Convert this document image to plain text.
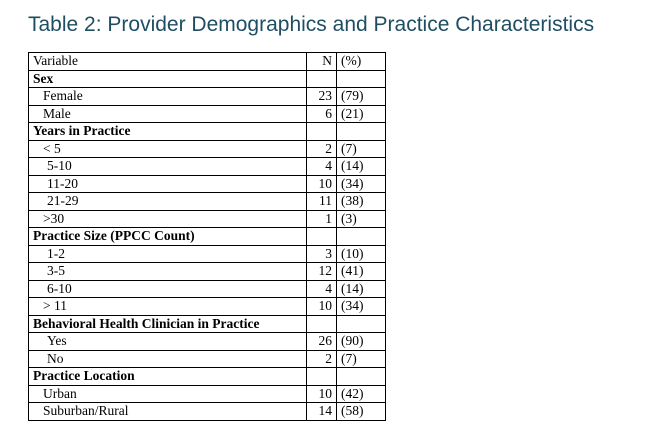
Table 2: Provider Demographics and Practice Characteristics
Variable	N	(%)
Sex		
Female	23	(79)
Male	6	(21)
Years in Practice		
< 5	2	(7)
5-10	4	(14)
11-20	10	(34)
21-29	11	(38)
>30	1	(3)
Practice Size (PPCC Count)		
1-2	3	(10)
3-5	12	(41)
6-10	4	(14)
> 11	10	(34)
Behavioral Health Clinician in Practice		
Yes	26	(90)
No	2	(7)
Practice Location		
Urban	10	(42)
Suburban/Rural	14	(58)
